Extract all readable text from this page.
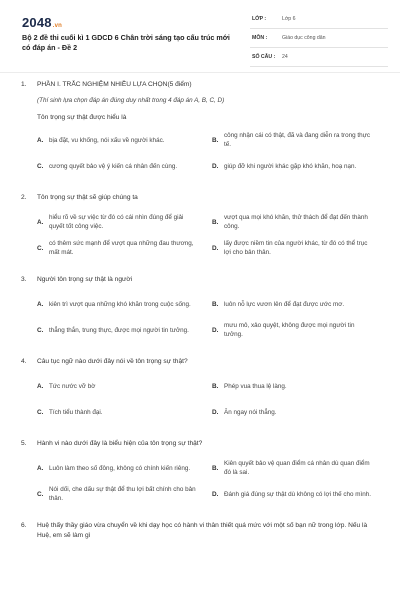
2048.vn
Bộ 2 đề thi cuối kì 1 GDCD 6 Chân trời sáng tạo cấu trúc mới có đáp án - Đề 2
LỚP :	Lớp 6
MÔN :	Giáo dục công dân
SỐ CÂU : 24
1.	PHẦN I. TRẮC NGHIỆM NHIỀU LỰA CHỌN(5 điểm)
(Thí sinh lựa chọn đáp án đúng duy nhất trong 4 đáp án A, B, C, D)
Tôn trọng sự thật được hiểu là
A. bịa đặt, vu khống, nói xấu về người khác.	B.
công nhận cái có thật, đã và đang diễn ra trong thực tế.
C. cương quyết bảo vệ ý kiến cá nhân đến cùng.	D. giúp đỡ khi người khác gặp khó khăn, hoạ nạn.
2.	Tôn trọng sự thật sẽ giúp chúng ta
A.
hiểu rõ về sự việc từ đó có cái nhìn đúng để giải quyết tốt công việc.
B.
vượt qua mọi khó khăn, thử thách để đạt đến thành công.
C.
có thêm sức mạnh để vượt qua những đau thương, mất mát.
D.
lấy được niềm tin của người khác, từ đó có thể trục lợi cho bản thân.
3.	Người tôn trọng sự thật là người
A. kiên trì vượt qua những khó khăn trong cuộc sống.	B. luôn nỗ lực vươn lên để đạt được ước mơ.
C. thẳng thắn, trung thực, được mọi người tin tưởng.	D.
mưu mô, xảo quyệt, không được mọi người tin tưởng.
4.	Câu tục ngữ nào dưới đây nói về tôn trọng sự thật?
A. Tức nước vỡ bờ	B. Phép vua thua lệ làng.
C. Tích tiểu thành đại.	D. Ăn ngay nói thẳng.
5.	Hành vi nào dưới đây là biểu hiện của tôn trọng sự thật?
A. Luôn làm theo số đông, không có chính kiến riêng.	B.
Kiên quyết bảo vệ quan điểm cá nhân dù quan điểm đó là sai.
C.
Nói dối, che dấu sự thật để thu lợi bất chính cho bản thân.
D. Đánh giá đúng sự thật dù không có lợi thế cho mình.
6.	Huệ thấy thầy giáo vừa chuyển về khi dạy học có hành vi thân thiết quá mức với một số bạn nữ trong lớp. Nếu là Huệ, em sẽ làm gì
